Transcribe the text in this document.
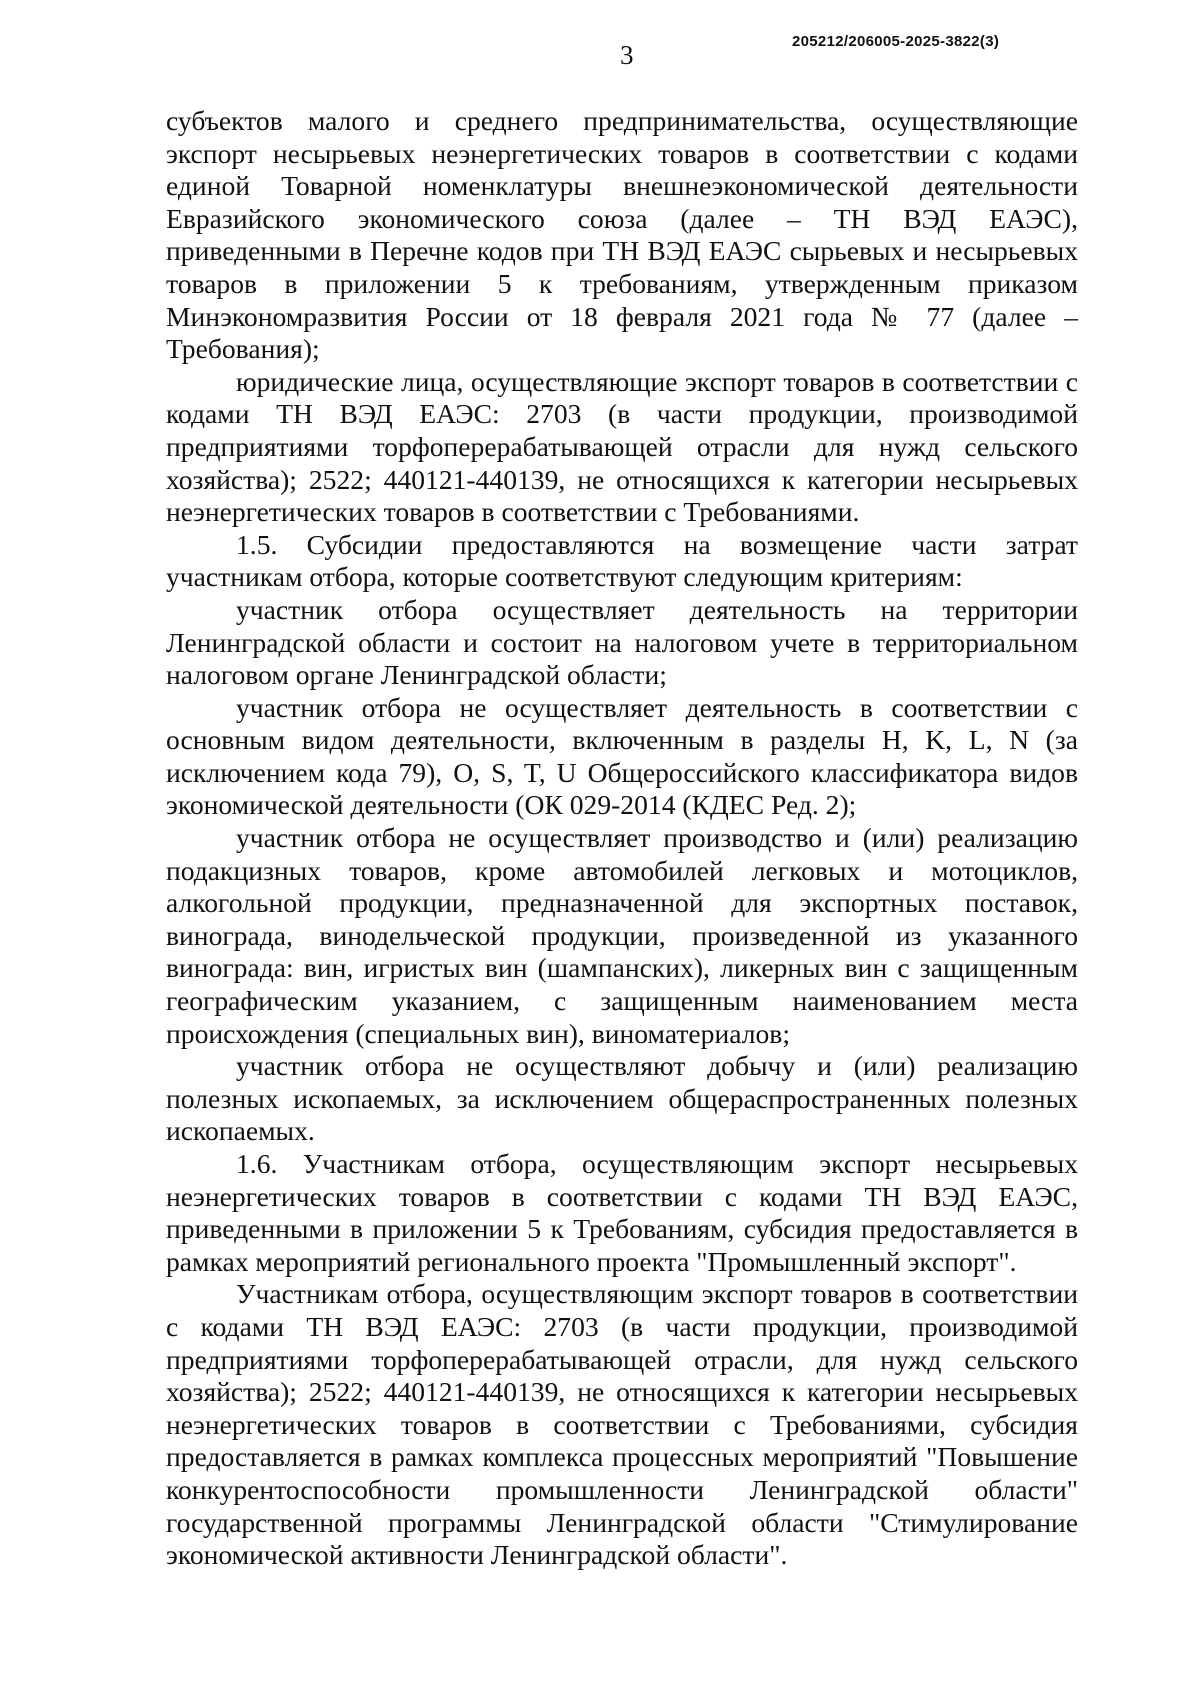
3	205212/206005-2025-3822(3)

субъектов малого и среднего предпринимательства, осуществляющие экспорт несырьевых неэнергетических товаров в соответствии с кодами единой Товарной номенклатуры внешнеэкономической деятельности Евразийского экономического союза (далее – ТН ВЭД ЕАЭС), приведенными в Перечне кодов при ТН ВЭД ЕАЭС сырьевых и несырьевых товаров в приложении 5 к требованиям, утвержденным приказом Минэкономразвития России от 18 февраля 2021 года № 77 (далее – Требования);

юридические лица, осуществляющие экспорт товаров в соответствии с кодами ТН ВЭД ЕАЭС: 2703 (в части продукции, производимой предприятиями торфоперерабатывающей отрасли для нужд сельского хозяйства); 2522; 440121-440139, не относящихся к категории несырьевых неэнергетических товаров в соответствии с Требованиями.

1.5. Субсидии предоставляются на возмещение части затрат участникам отбора, которые соответствуют следующим критериям:

участник отбора осуществляет деятельность на территории Ленинградской области и состоит на налоговом учете в территориальном налоговом органе Ленинградской области;

участник отбора не осуществляет деятельность в соответствии с основным видом деятельности, включенным в разделы H, K, L, N (за исключением кода 79), O, S, T, U Общероссийского классификатора видов экономической деятельности (ОК 029-2014 (КДЕС Ред. 2);

участник отбора не осуществляет производство и (или) реализацию подакцизных товаров, кроме автомобилей легковых и мотоциклов, алкогольной продукции, предназначенной для экспортных поставок, винограда, винодельческой продукции, произведенной из указанного винограда: вин, игристых вин (шампанских), ликерных вин с защищенным географическим указанием, с защищенным наименованием места происхождения (специальных вин), виноматериалов;

участник отбора не осуществляют добычу и (или) реализацию полезных ископаемых, за исключением общераспространенных полезных ископаемых.

1.6. Участникам отбора, осуществляющим экспорт несырьевых неэнергетических товаров в соответствии с кодами ТН ВЭД ЕАЭС, приведенными в приложении 5 к Требованиям, субсидия предоставляется в рамках мероприятий регионального проекта "Промышленный экспорт".

Участникам отбора, осуществляющим экспорт товаров в соответствии с кодами ТН ВЭД ЕАЭС: 2703 (в части продукции, производимой предприятиями торфоперерабатывающей отрасли, для нужд сельского хозяйства); 2522; 440121-440139, не относящихся к категории несырьевых неэнергетических товаров в соответствии с Требованиями, субсидия предоставляется в рамках комплекса процессных мероприятий "Повышение конкурентоспособности промышленности Ленинградской области" государственной программы Ленинградской области "Стимулирование экономической активности Ленинградской области".
